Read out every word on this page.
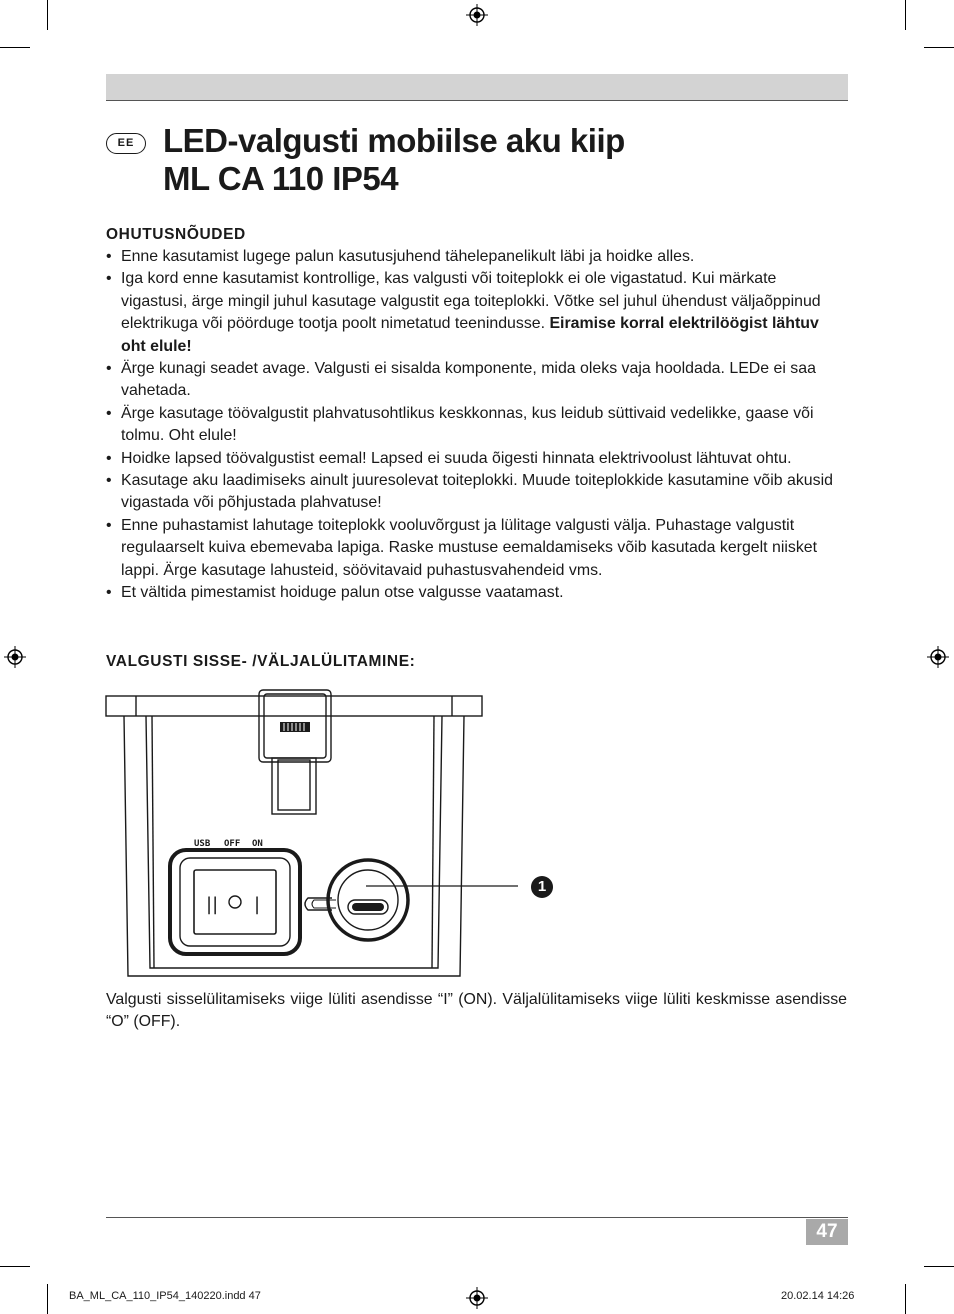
EE LED-valgusti mobiilse aku kiip
ML CA 110 IP54
OHUTUSNÕUDED
• Enne kasutamist lugege palun kasutusjuhend tähelepanelikult läbi ja hoidke alles.
• Iga kord enne kasutamist kontrollige, kas valgusti või toiteplokk ei ole vigastatud. Kui märkate vigastusi, ärge mingil juhul kasutage valgustit ega toiteplokki. Võtke sel juhul ühendust väljaõppinud elektrikuga või pöörduge tootja poolt nimetatud teenindusse. Eiramise korral elektrilöögist lähtuv oht elule!
• Ärge kunagi seadet avage. Valgusti ei sisalda komponente, mida oleks vaja hooldada. LEDe ei saa vahetada.
• Ärge kasutage töövalgustit plahvatusohtlikus keskkonnas, kus leidub süttivaid vedelikke, gaase või tolmu. Oht elule!
• Hoidke lapsed töövalgustist eemal! Lapsed ei suuda õigesti hinnata elektrivoolust lähtuvat ohtu.
• Kasutage aku laadimiseks ainult juuresolevat toiteplokki. Muude toiteplokkide kasutamine võib akusid vigastada või põhjustada plahvatuse!
• Enne puhastamist lahutage toiteplokk vooluvõrgust ja lülitage valgusti välja. Puhastage valgustit regulaarselt kuiva ebemevaba lapiga. Raske mustuse eemaldamiseks võib kasutada kergelt niisket lappi. Ärge kasutage lahusteid, söövitavaid puhastusvahendeid vms.
• Et vältida pimestamist hoiduge palun otse valgusse vaatamast.
VALGUSTI SISSE- /VÄLJALÜLITAMINE:
USB OFF ON
|| |
1
Valgusti sisselülitamiseks viige lüliti asendisse “I” (ON). Väljalülitamiseks viige lüliti keskmisse asendisse “O” (OFF).
47
BA_ML_CA_110_IP54_140220.indd 47	20.02.14 14:26
